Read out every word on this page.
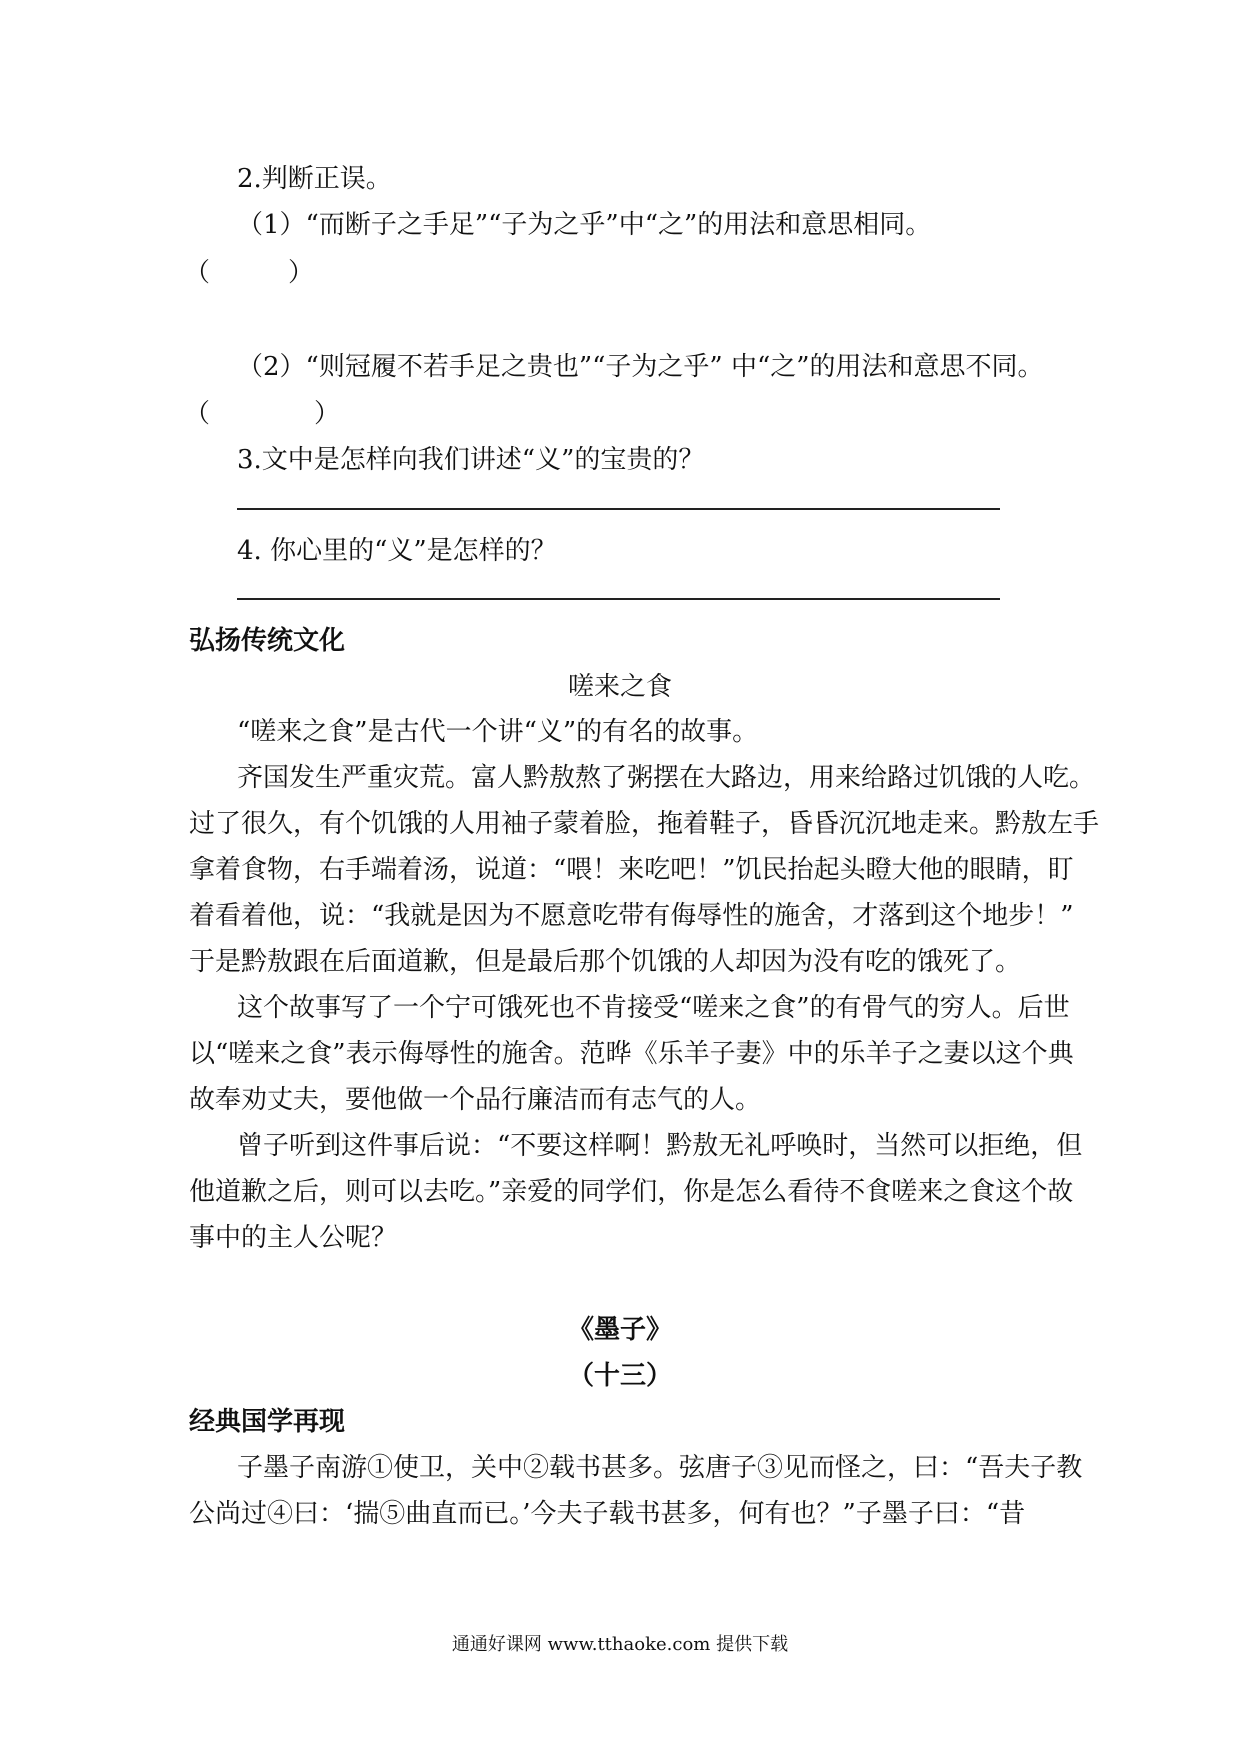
2.判断正误。
（1）“而断子之手足”“子为之乎”中“之”的用法和意思相同。
（　　　）
（2）“则冠履不若手足之贵也”“子为之乎” 中“之”的用法和意思不同。
（　　　　）
3.文中是怎样向我们讲述“义”的宝贵的？
4. 你心里的“义”是怎样的？
弘扬传统文化
嗟来之食
“嗟来之食”是古代一个讲“义”的有名的故事。
齐国发生严重灾荒。富人黔敖熬了粥摆在大路边，用来给路过饥饿的人吃。
过了很久，有个饥饿的人用袖子蒙着脸，拖着鞋子，昏昏沉沉地走来。黔敖左手
拿着食物，右手端着汤，说道：“喂！来吃吧！”饥民抬起头瞪大他的眼睛，盯
着看着他，说：“我就是因为不愿意吃带有侮辱性的施舍，才落到这个地步！”
于是黔敖跟在后面道歉，但是最后那个饥饿的人却因为没有吃的饿死了。
这个故事写了一个宁可饿死也不肯接受“嗟来之食”的有骨气的穷人。后世
以“嗟来之食”表示侮辱性的施舍。范晔《乐羊子妻》中的乐羊子之妻以这个典
故奉劝丈夫，要他做一个品行廉洁而有志气的人。
曾子听到这件事后说：“不要这样啊！黔敖无礼呼唤时，当然可以拒绝，但
他道歉之后，则可以去吃。”亲爱的同学们，你是怎么看待不食嗟来之食这个故
事中的主人公呢？
《墨子》
（十三）
经典国学再现
子墨子南游①使卫，关中②载书甚多。弦唐子③见而怪之，曰：“吾夫子教
公尚过④曰：‘揣⑤曲直而已。’今夫子载书甚多，何有也？”子墨子曰：“昔
通通好课网 www.tthaoke.com 提供下载
